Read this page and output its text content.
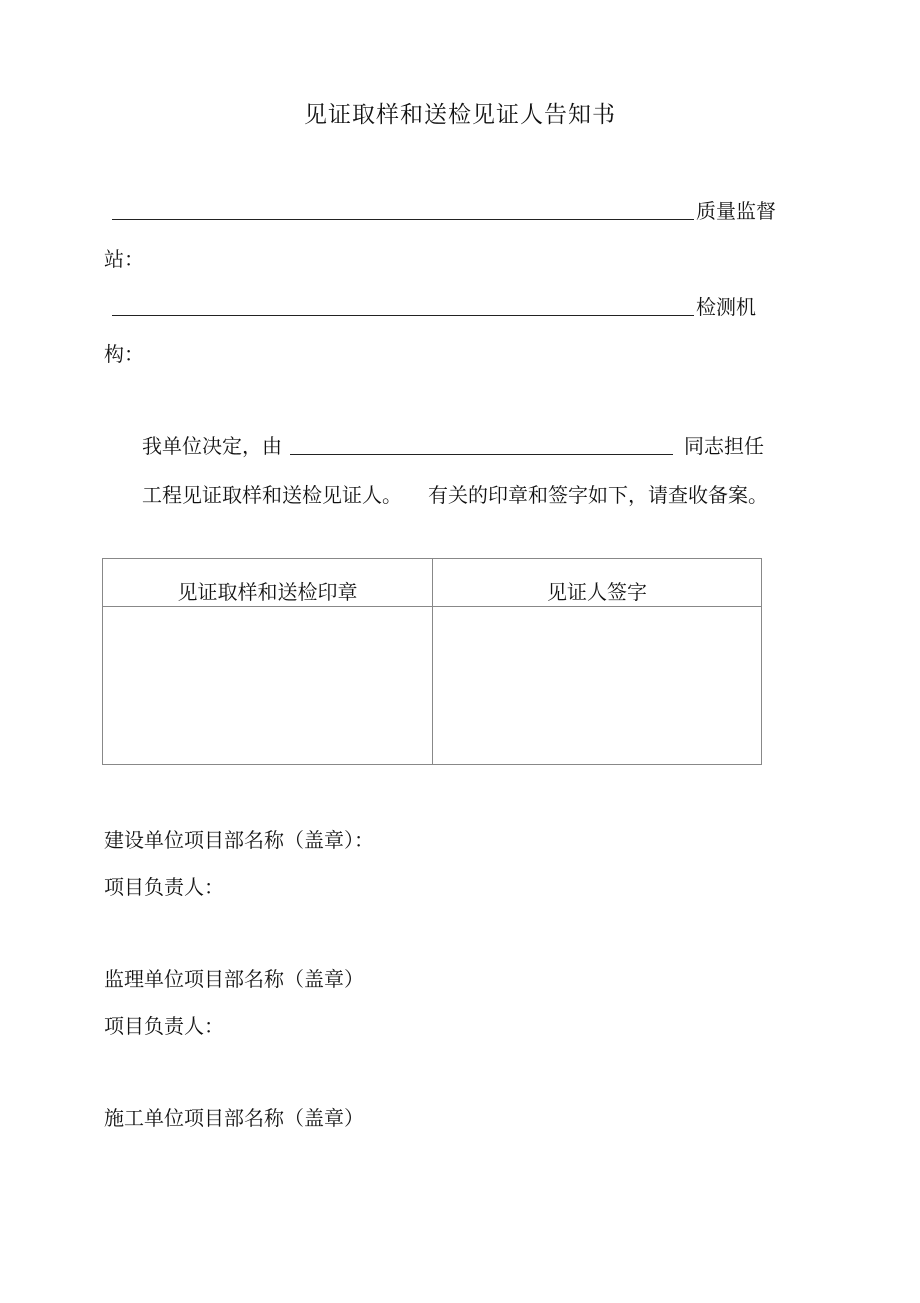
见证取样和送检见证人告知书
质量监督
站：
检测机
构：
我单位决定，由	同志担任
工程见证取样和送检见证人。 有关的印章和签字如下，请查收备案。
见证取样和送检印章	见证人签字
建设单位项目部名称（盖章）：
项目负责人：
监理单位项目部名称（盖章）
项目负责人：
施工单位项目部名称（盖章）
